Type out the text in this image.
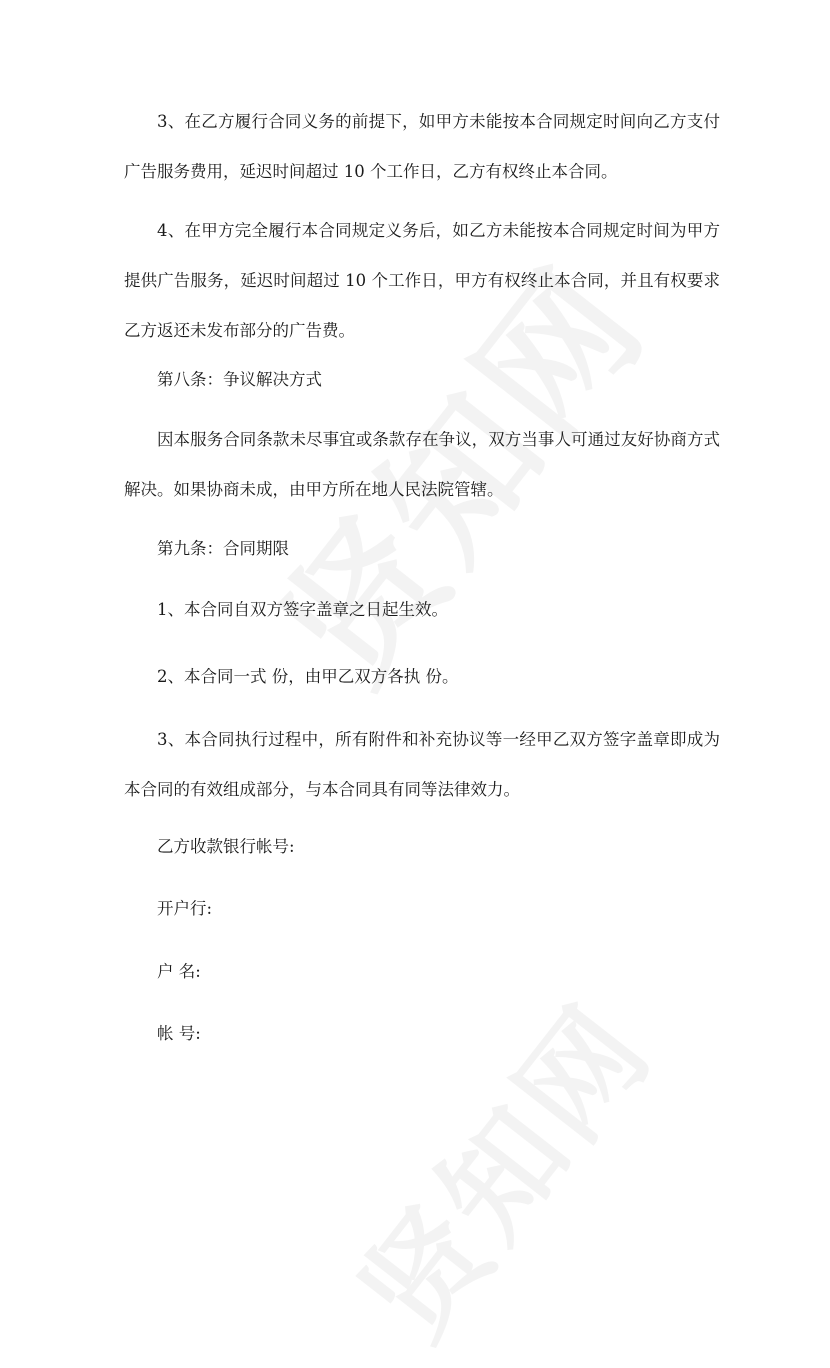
3、在乙方履行合同义务的前提下，如甲方未能按本合同规定时间向乙方支付广告服务费用，延迟时间超过 10 个工作日，乙方有权终止本合同。

4、在甲方完全履行本合同规定义务后，如乙方未能按本合同规定时间为甲方提供广告服务，延迟时间超过 10 个工作日，甲方有权终止本合同，并且有权要求乙方返还未发布部分的广告费。

第八条：争议解决方式

因本服务合同条款未尽事宜或条款存在争议，双方当事人可通过友好协商方式解决。如果协商未成，由甲方所在地人民法院管辖。

第九条：合同期限

1、本合同自双方签字盖章之日起生效。

2、本合同一式 份，由甲乙双方各执 份。

3、本合同执行过程中，所有附件和补充协议等一经甲乙双方签字盖章即成为本合同的有效组成部分，与本合同具有同等法律效力。

乙方收款银行帐号:

开户行:

户 名:

帐 号:
